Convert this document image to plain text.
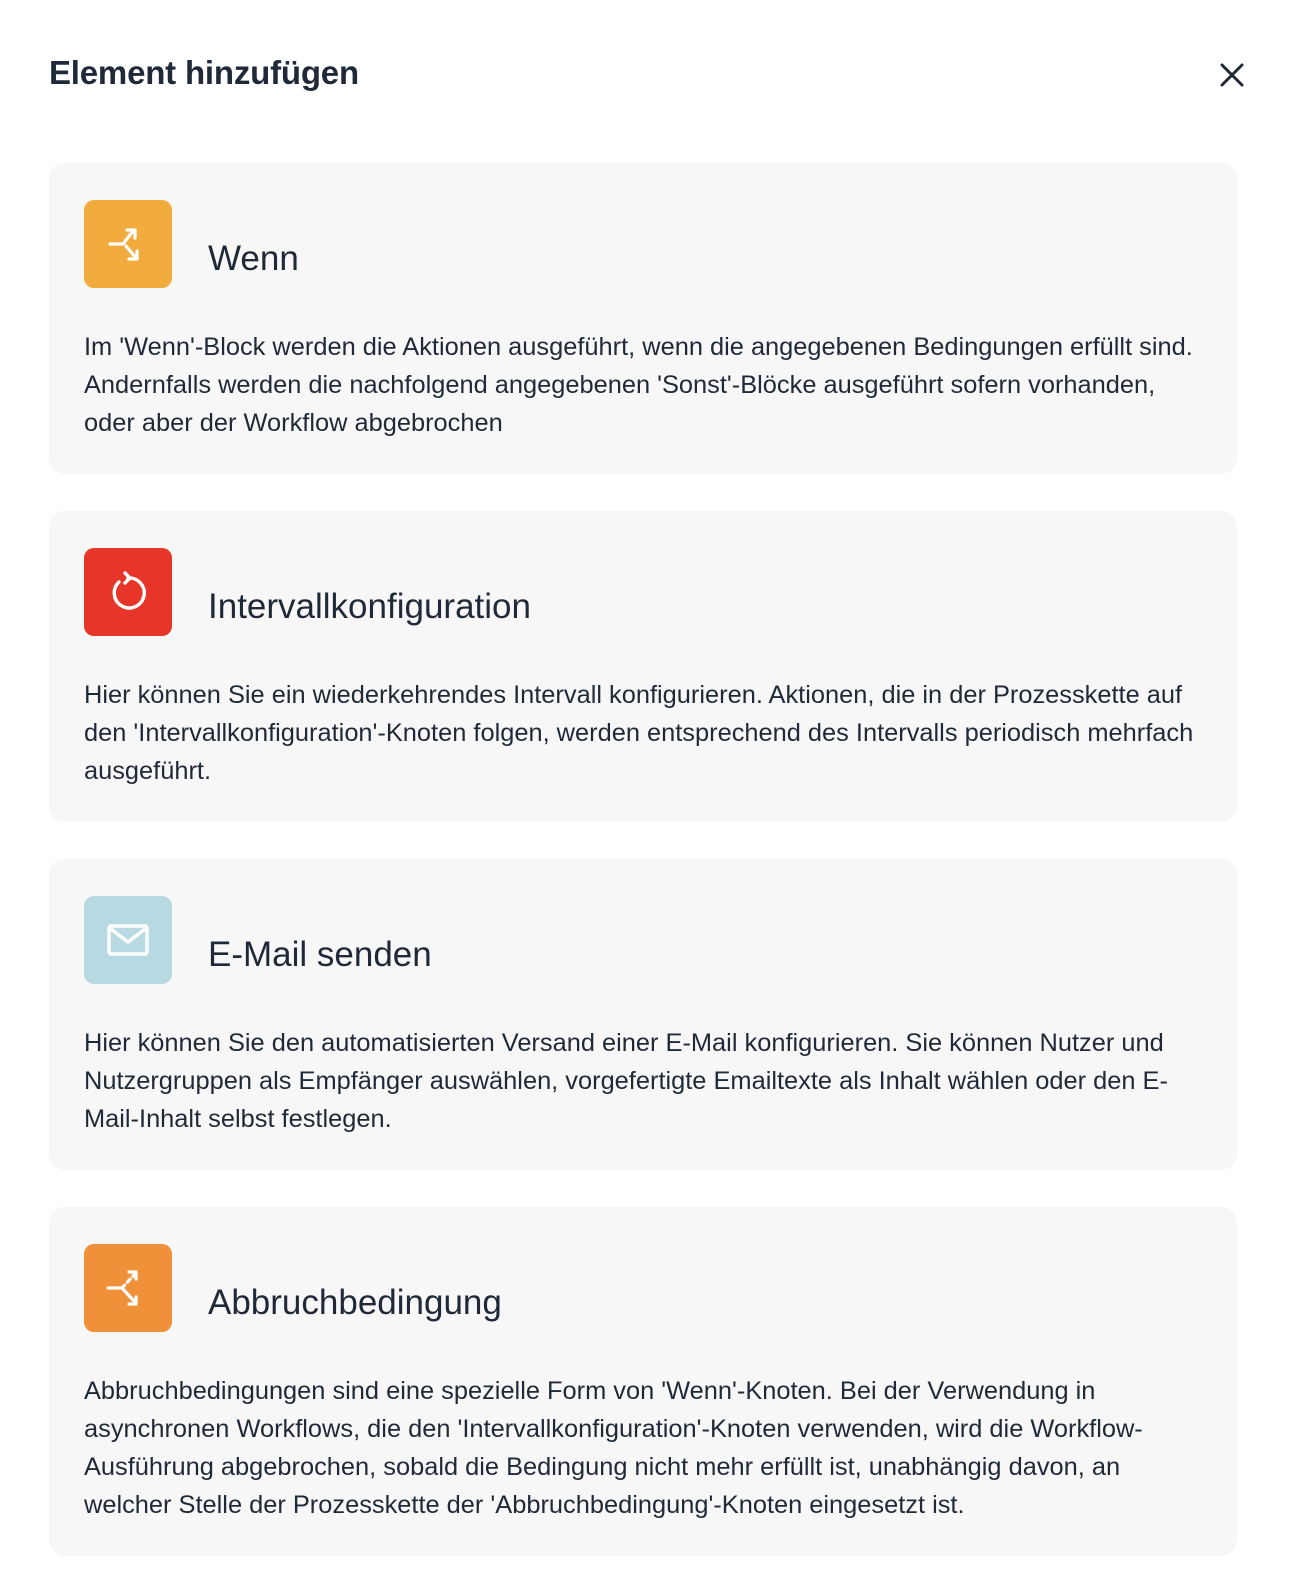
Element hinzufügen
Wenn
Im 'Wenn'-Block werden die Aktionen ausgeführt, wenn die angegebenen Bedingungen erfüllt sind. Andernfalls werden die nachfolgend angegebenen 'Sonst'-Blöcke ausgeführt sofern vorhanden, oder aber der Workflow abgebrochen
Intervallkonfiguration
Hier können Sie ein wiederkehrendes Intervall konfigurieren. Aktionen, die in der Prozesskette auf den 'Intervallkonfiguration'-Knoten folgen, werden entsprechend des Intervalls periodisch mehrfach ausgeführt.
E-Mail senden
Hier können Sie den automatisierten Versand einer E-Mail konfigurieren. Sie können Nutzer und Nutzergruppen als Empfänger auswählen, vorgefertigte Emailtexte als Inhalt wählen oder den E-Mail-Inhalt selbst festlegen.
Abbruchbedingung
Abbruchbedingungen sind eine spezielle Form von 'Wenn'-Knoten. Bei der Verwendung in asynchronen Workflows, die den 'Intervallkonfiguration'-Knoten verwenden, wird die Workflow-Ausführung abgebrochen, sobald die Bedingung nicht mehr erfüllt ist, unabhängig davon, an welcher Stelle der Prozesskette der 'Abbruchbedingung'-Knoten eingesetzt ist.
